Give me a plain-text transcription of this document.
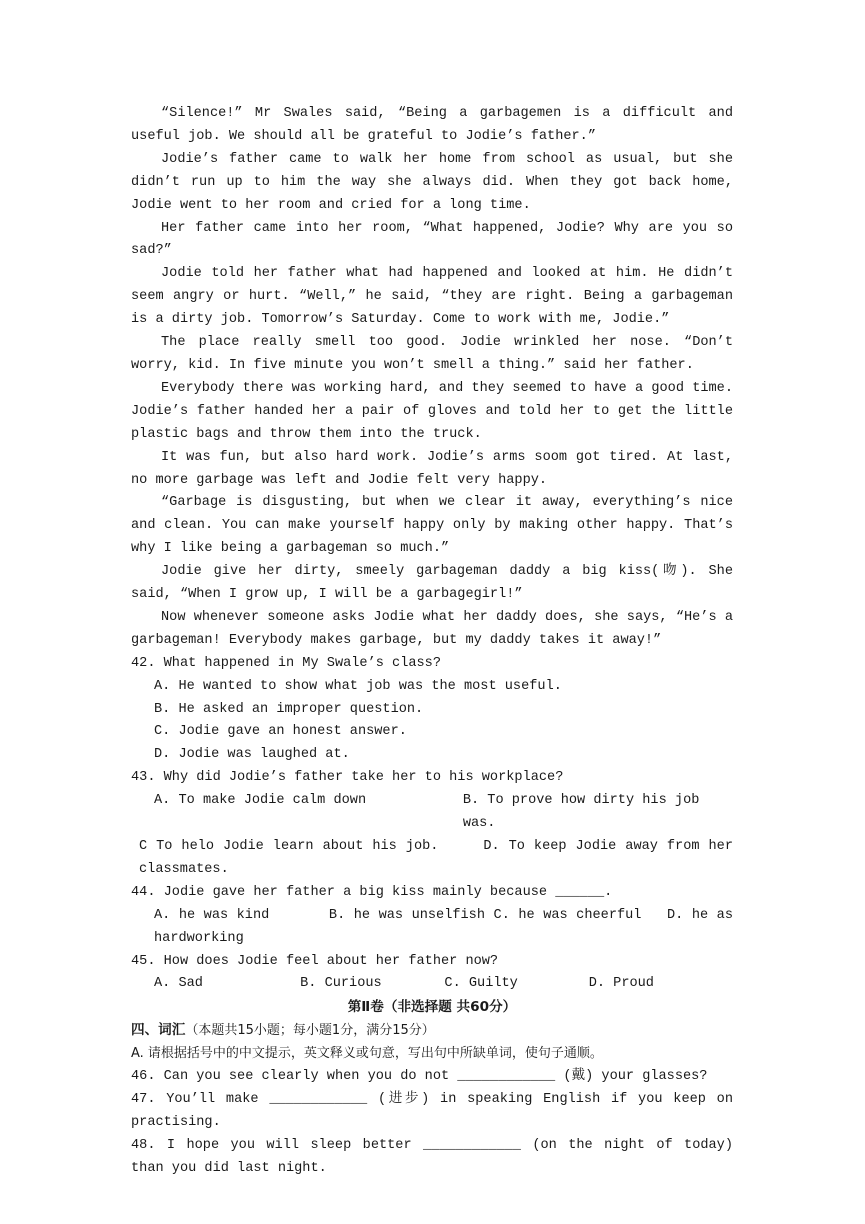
“Silence!” Mr Swales said, “Being a garbagemen is a difficult and useful job. We should all be grateful to Jodie’s father.”

Jodie’s father came to walk her home from school as usual, but she didn’t run up to him the way she always did. When they got back home, Jodie went to her room and cried for a long time.

Her father came into her room, “What happened, Jodie? Why are you so sad?”

Jodie told her father what had happened and looked at him. He didn’t seem angry or hurt. “Well,” he said, “they are right. Being a garbageman is a dirty job. Tomorrow’s Saturday. Come to work with me, Jodie.”

The place really smell too good. Jodie wrinkled her nose. “Don’t worry, kid. In five minute you won’t smell a thing.” said her father.

Everybody there was working hard, and they seemed to have a good time. Jodie’s father handed her a pair of gloves and told her to get the little plastic bags and throw them into the truck.

It was fun, but also hard work. Jodie’s arms soom got tired. At last, no more garbage was left and Jodie felt very happy.

“Garbage is disgusting, but when we clear it away, everything’s nice and clean. You can make yourself happy only by making other happy. That’s why I like being a garbageman so much.”

Jodie give her dirty, smeely garbageman daddy a big kiss(吻). She said, “When I grow up, I will be a garbagegirl!”

Now whenever someone asks Jodie what her daddy does, she says, “He’s a garbageman! Everybody makes garbage, but my daddy takes it away!”

42. What happened in My Swale’s class?

A. He wanted to show what job was the most useful.

B. He asked an improper question.

C. Jodie gave an honest answer.

D. Jodie was laughed at.

43. Why did Jodie’s father take her to his workplace?

A. To make Jodie calm down	B. To prove how dirty his job was.

C To helo Jodie learn about his job.	D. To keep Jodie away from her classmates.

44. Jodie gave her father a big kiss mainly because ______.

A. he was kind	B. he was unselfish C. he was cheerful D. he as hardworking

45. How does Jodie feel about her father now?

A. Sad	B. Curious	C. Guilty	D. Proud

第Ⅱ卷（非选择题 共60分）

四、词汇（本题共15小题；每小题1分，满分15分）

A. 请根据括号中的中文提示，英文释义或句意，写出句中所缺单词，使句子通顺。

46. Can you see clearly when you do not ____________ (戴) your glasses?

47. You’ll make ____________ (进步) in speaking English if you keep on practising.

48. I hope you will sleep better ____________ (on the night of today) than you did last night.
